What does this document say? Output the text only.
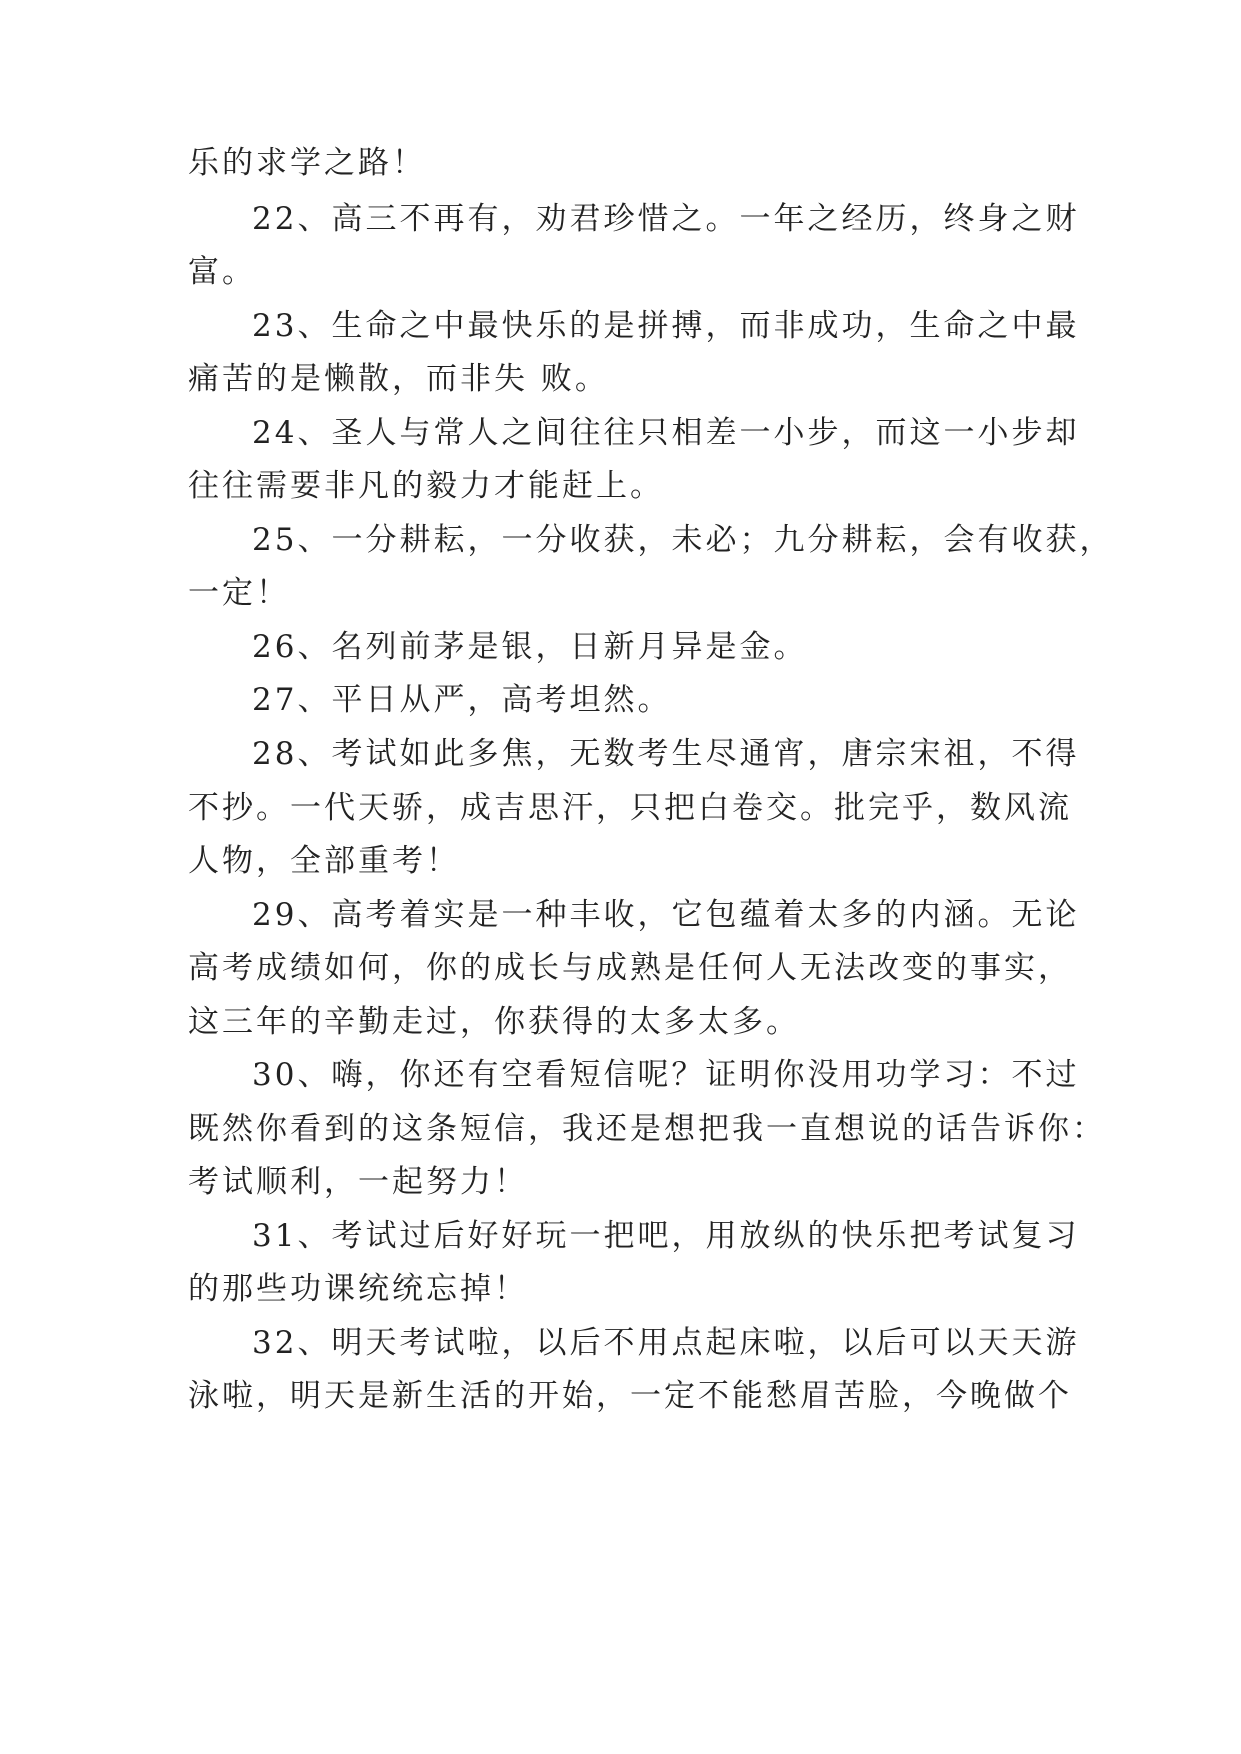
乐的求学之路！
22、高三不再有，劝君珍惜之。一年之经历，终身之财
富。
23、生命之中最快乐的是拼搏，而非成功，生命之中最
痛苦的是懒散，而非失 败。
24、圣人与常人之间往往只相差一小步，而这一小步却
往往需要非凡的毅力才能赶上。
25、一分耕耘，一分收获，未必；九分耕耘，会有收获，
一定！
26、名列前茅是银，日新月异是金。
27、平日从严，高考坦然。
28、考试如此多焦，无数考生尽通宵，唐宗宋祖，不得
不抄。一代天骄，成吉思汗，只把白卷交。批完乎，数风流
人物，全部重考！
29、高考着实是一种丰收，它包蕴着太多的内涵。无论
高考成绩如何，你的成长与成熟是任何人无法改变的事实，
这三年的辛勤走过，你获得的太多太多。
30、嗨，你还有空看短信呢？证明你没用功学习：不过
既然你看到的这条短信，我还是想把我一直想说的话告诉你：
考试顺利，一起努力！
31、考试过后好好玩一把吧，用放纵的快乐把考试复习
的那些功课统统忘掉！
32、明天考试啦，以后不用点起床啦，以后可以天天游
泳啦，明天是新生活的开始，一定不能愁眉苦脸，今晚做个
